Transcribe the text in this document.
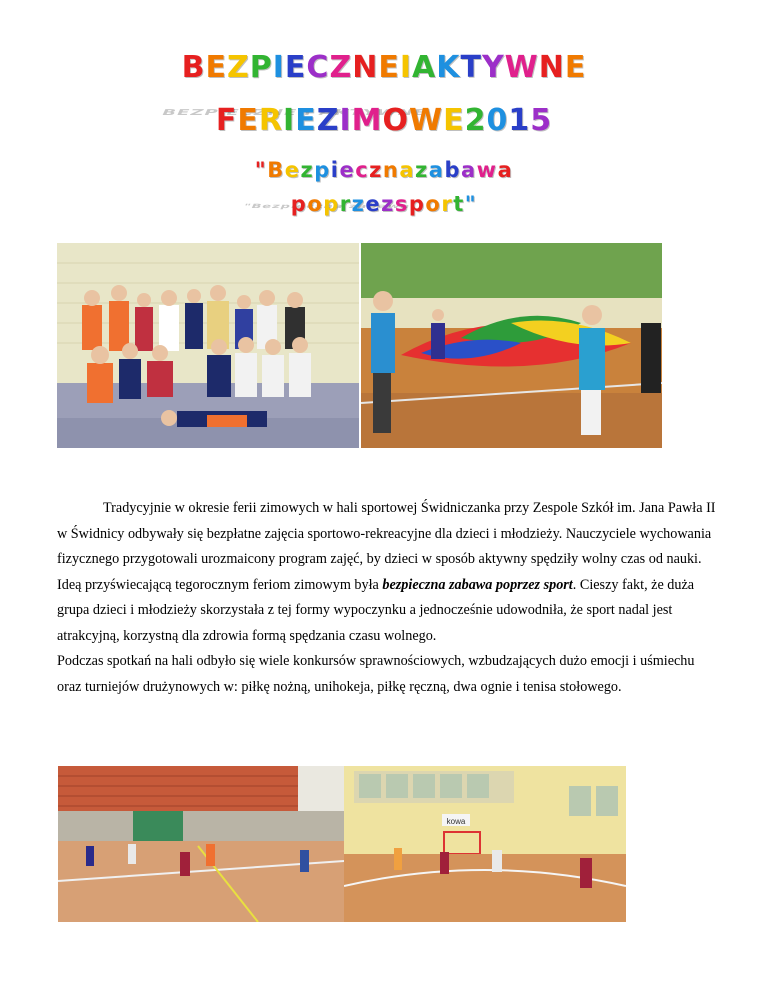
BEZPIECZNE I AKTYWNE
BEZPIECZNEIAKTYWNE
FERIEZIMOWE2015
"Bezpieczna zabawa
"Bezpiecznazabawa
poprzezsport"

Tradycyjnie w okresie ferii zimowych w hali sportowej Świdniczanka przy Zespole Szkół im. Jana Pawła II w Świdnicy odbywały się bezpłatne zajęcia sportowo-rekreacyjne dla dzieci i młodzieży. Nauczyciele wychowania fizycznego przygotowali urozmaicony program zajęć, by dzieci w sposób aktywny spędziły wolny czas od nauki.

Ideą przyświecającą tegorocznym feriom zimowym była bezpieczna zabawa poprzez sport. Cieszy fakt, że duża grupa dzieci i młodzieży skorzystała z tej formy wypoczynku a jednocześnie udowodniła, że sport nadal jest atrakcyjną, korzystną dla zdrowia formą spędzania czasu wolnego.

Podczas spotkań na hali odbyło się wiele konkursów sprawnościowych, wzbudzających dużo emocji i uśmiechu oraz turniejów drużynowych w: piłkę nożną, unihokeja, piłkę ręczną, dwa ognie i tenisa stołowego.

kowa
